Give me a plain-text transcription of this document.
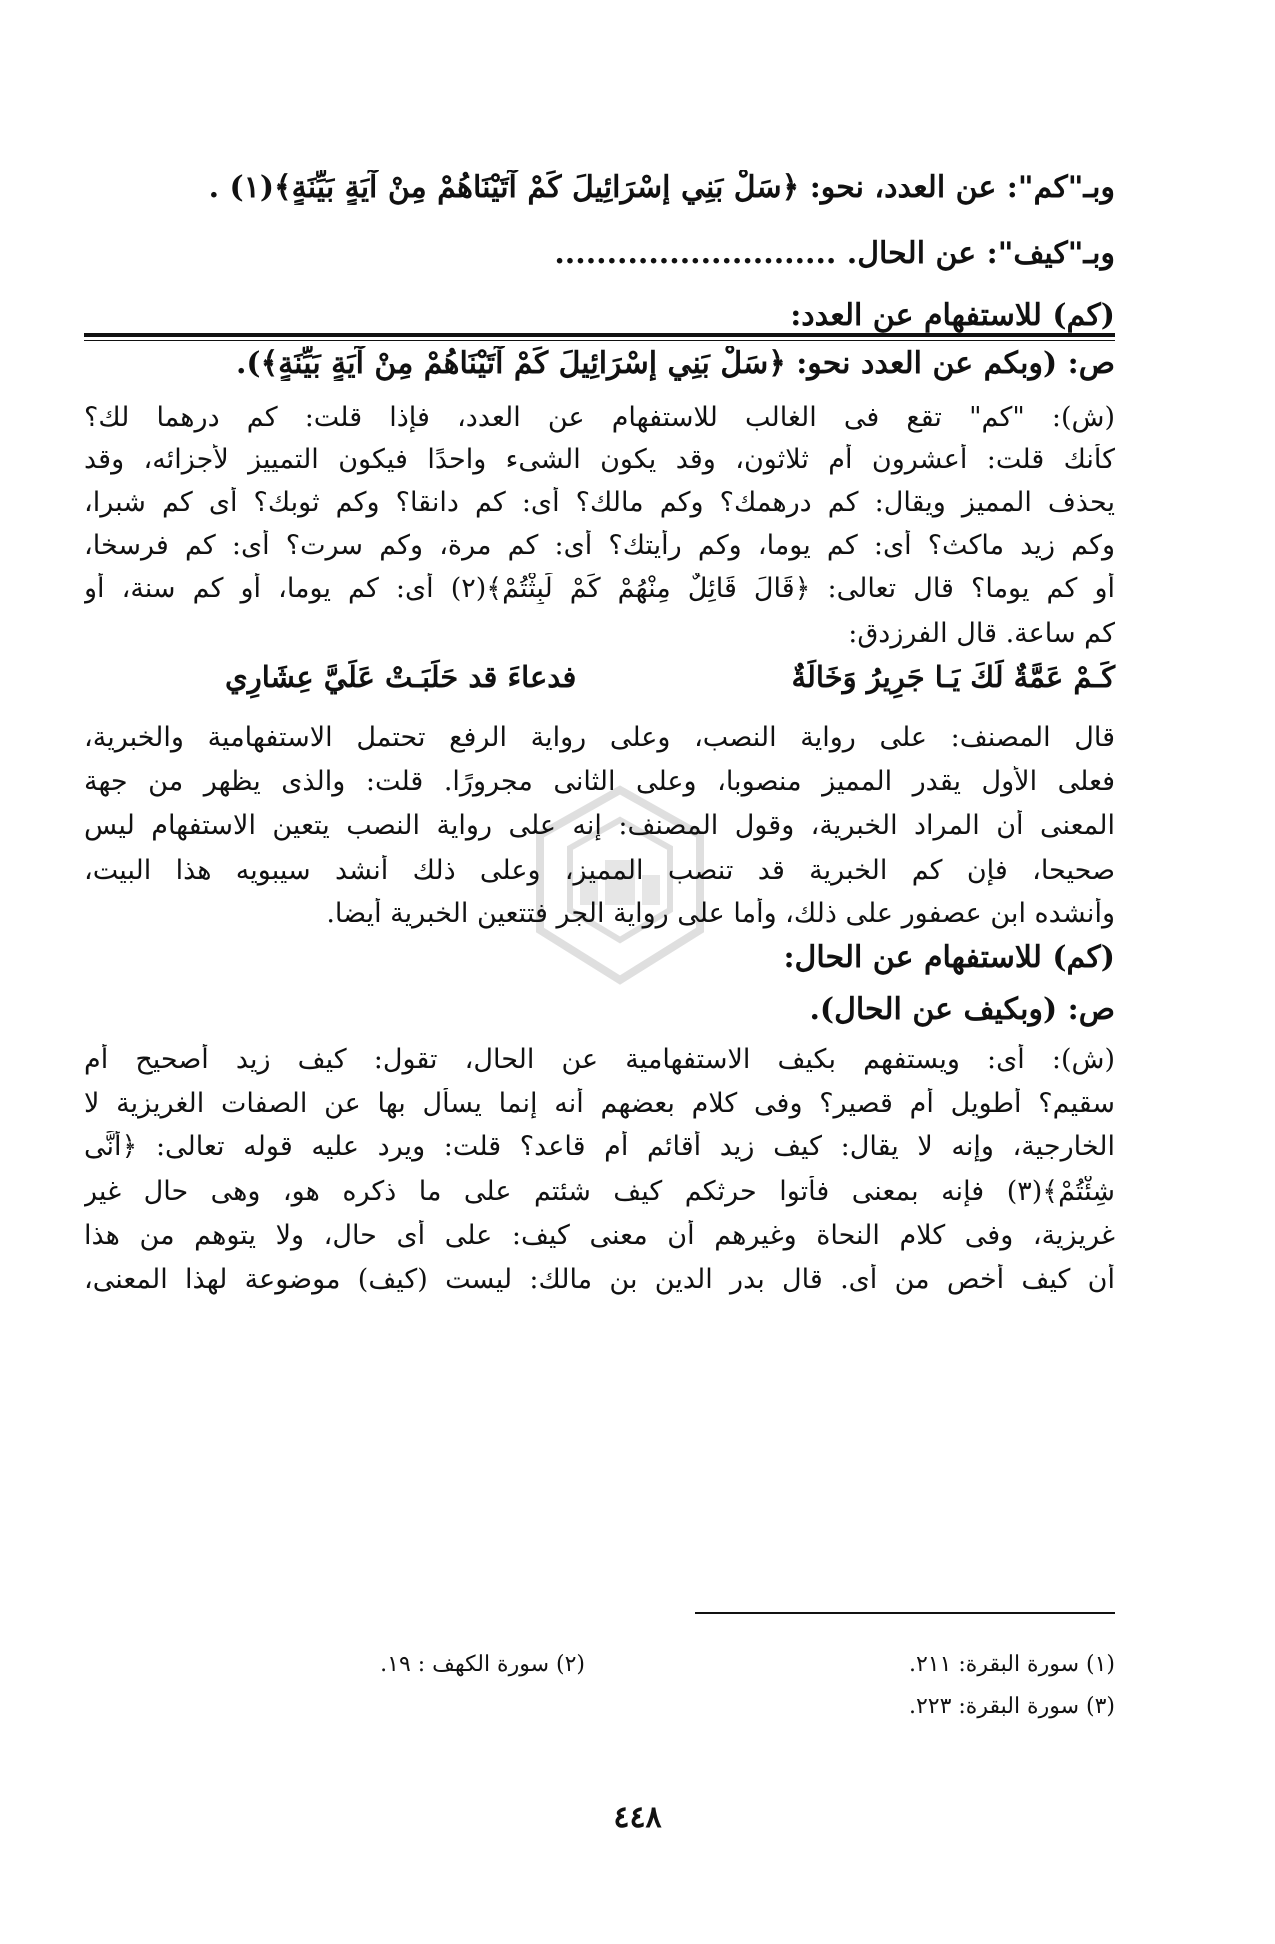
وبـ"كم": عن العدد، نحو: ﴿سَلْ بَنِي إِسْرَائِيلَ كَمْ آتَيْنَاهُمْ مِنْ آيَةٍ بَيِّنَةٍ﴾(١) .
وبـ"كيف": عن الحال. ...........................
(كم) للاستفهام عن العدد:
ص: (وبكم عن العدد نحو: ﴿سَلْ بَنِي إِسْرَائِيلَ كَمْ آتَيْنَاهُمْ مِنْ آيَةٍ بَيِّنَةٍ﴾).
(ش): "كم" تقع فى الغالب للاستفهام عن العدد، فإذا قلت: كم درهما لك؟
كأنك قلت: أعشرون أم ثلاثون، وقد يكون الشىء واحدًا فيكون التمييز لأجزائه، وقد
يحذف المميز ويقال: كم درهمك؟ وكم مالك؟ أى: كم دانقا؟ وكم ثوبك؟ أى كم شبرا،
وكم زيد ماكث؟ أى: كم يوما، وكم رأيتك؟ أى: كم مرة، وكم سرت؟ أى: كم فرسخا،
أو كم يوما؟ قال تعالى: ﴿قَالَ قَائِلٌ مِنْهُمْ كَمْ لَبِثْتُمْ﴾(٢) أى: كم يوما، أو كم سنة، أو
كم ساعة. قال الفرزدق:
كَـمْ عَمَّةٌ لَكَ يَـا جَرِيرُ وَخَالَةٌ
فدعاءَ قد حَلَبَـتْ عَلَيَّ عِشَارِي
قال المصنف: على رواية النصب، وعلى رواية الرفع تحتمل الاستفهامية والخبرية،
فعلى الأول يقدر المميز منصوبا، وعلى الثانى مجرورًا. قلت: والذى يظهر من جهة
المعنى أن المراد الخبرية، وقول المصنف: إنه على رواية النصب يتعين الاستفهام ليس
صحيحا، فإن كم الخبرية قد تنصب المميز، وعلى ذلك أنشد سيبويه هذا البيت،
وأنشده ابن عصفور على ذلك، وأما على رواية الجر فتتعين الخبرية أيضا.
(كم) للاستفهام عن الحال:
ص: (وبكيف عن الحال).
(ش): أى: ويستفهم بكيف الاستفهامية عن الحال، تقول: كيف زيد أصحيح أم
سقيم؟ أطويل أم قصير؟ وفى كلام بعضهم أنه إنما يسأل بها عن الصفات الغريزية لا
الخارجية، وإنه لا يقال: كيف زيد أقائم أم قاعد؟ قلت: ويرد عليه قوله تعالى: ﴿أَنَّى
شِئْتُمْ﴾(٣) فإنه بمعنى فأتوا حرثكم كيف شئتم على ما ذكره هو، وهى حال غير
غريزية، وفى كلام النحاة وغيرهم أن معنى كيف: على أى حال، ولا يتوهم من هذا
أن كيف أخص من أى. قال بدر الدين بن مالك: ليست (كيف) موضوعة لهذا المعنى،
(١) سورة البقرة: ٢١١.
(٢) سورة الكهف : ١٩.
(٣) سورة البقرة: ٢٢٣.
٤٤٨
